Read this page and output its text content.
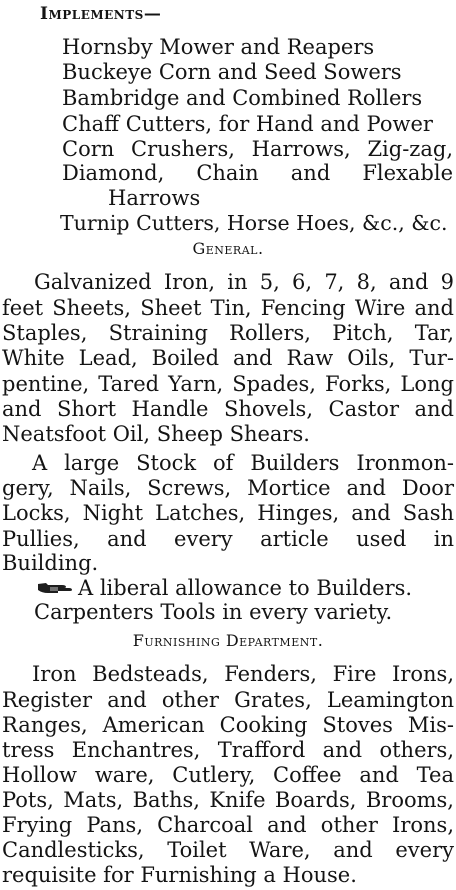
Implements—
Hornsby Mower and Reapers
Buckeye Corn and Seed Sowers
Bambridge and Combined Rollers
Chaff Cutters, for Hand and Power
Corn Crushers, Harrows, Zig-zag,
Diamond, Chain and Flexable
Harrows
Turnip Cutters, Horse Hoes, &c., &c.
General.
Galvanized Iron, in 5, 6, 7, 8, and 9
feet Sheets, Sheet Tin, Fencing Wire and
Staples, Straining Rollers, Pitch, Tar,
White Lead, Boiled and Raw Oils, Tur-
pentine, Tared Yarn, Spades, Forks, Long
and Short Handle Shovels, Castor and
Neatsfoot Oil, Sheep Shears.
A large Stock of Builders Ironmon-
gery, Nails, Screws, Mortice and Door
Locks, Night Latches, Hinges, and Sash
Pullies, and every article used in
Building.
A liberal allowance to Builders.
Carpenters Tools in every variety.
Furnishing Department.
Iron Bedsteads, Fenders, Fire Irons,
Register and other Grates, Leamington
Ranges, American Cooking Stoves Mis-
tress Enchantres, Trafford and others,
Hollow ware, Cutlery, Coffee and Tea
Pots, Mats, Baths, Knife Boards, Brooms,
Frying Pans, Charcoal and other Irons,
Candlesticks, Toilet Ware, and every
requisite for Furnishing a House.
